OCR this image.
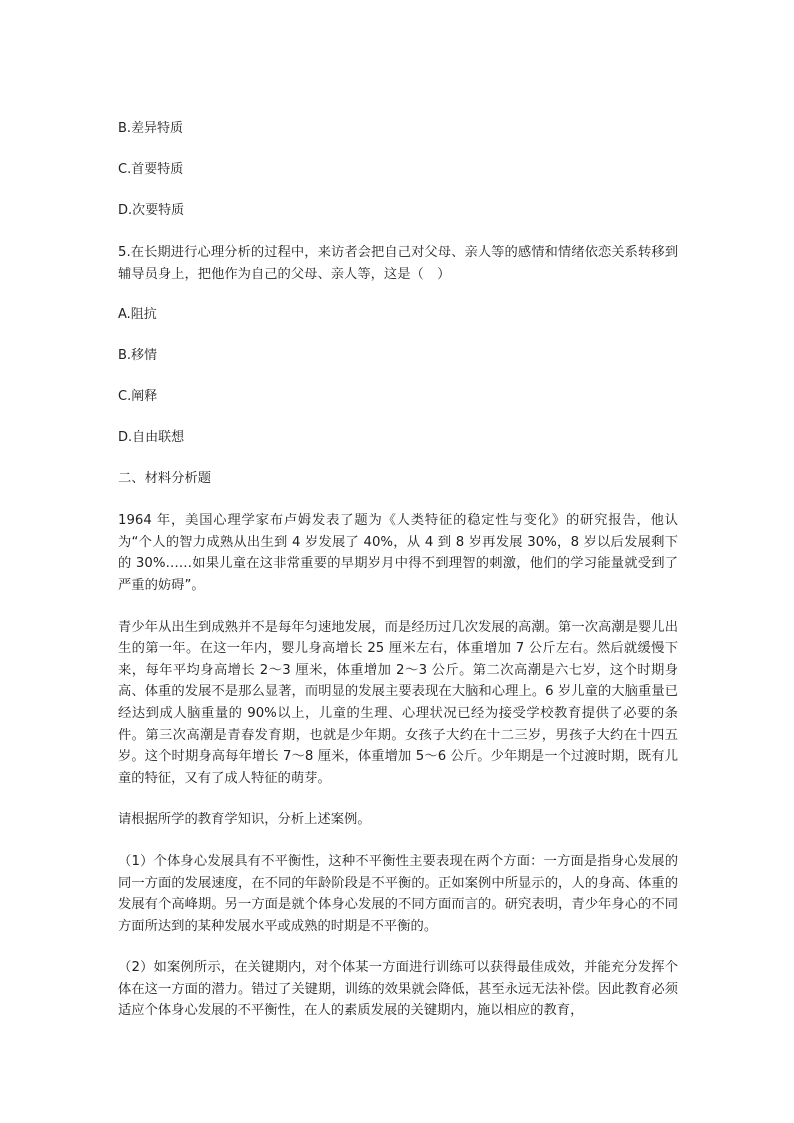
B.差异特质
C.首要特质
D.次要特质
5.在长期进行心理分析的过程中，来访者会把自己对父母、亲人等的感情和情绪依恋关系转移到辅导员身上，把他作为自己的父母、亲人等，这是（　）
A.阻抗
B.移情
C.阐释
D.自由联想
二、材料分析题
1964 年，美国心理学家布卢姆发表了题为《人类特征的稳定性与变化》的研究报告，他认为“个人的智力成熟从出生到 4 岁发展了 40%，从 4 到 8 岁再发展 30%，8 岁以后发展剩下的 30%……如果儿童在这非常重要的早期岁月中得不到理智的刺激，他们的学习能量就受到了严重的妨碍”。
青少年从出生到成熟并不是每年匀速地发展，而是经历过几次发展的高潮。第一次高潮是婴儿出生的第一年。在这一年内，婴儿身高增长 25 厘米左右，体重增加 7 公斤左右。然后就缓慢下来，每年平均身高增长 2～3 厘米，体重增加 2～3 公斤。第二次高潮是六七岁，这个时期身高、体重的发展不是那么显著，而明显的发展主要表现在大脑和心理上。6 岁儿童的大脑重量已经达到成人脑重量的 90%以上，儿童的生理、心理状况已经为接受学校教育提供了必要的条件。第三次高潮是青春发育期，也就是少年期。女孩子大约在十二三岁，男孩子大约在十四五岁。这个时期身高每年增长 7～8 厘米，体重增加 5～6 公斤。少年期是一个过渡时期，既有儿童的特征，又有了成人特征的萌芽。
请根据所学的教育学知识，分析上述案例。
（1）个体身心发展具有不平衡性，这种不平衡性主要表现在两个方面：一方面是指身心发展的同一方面的发展速度，在不同的年龄阶段是不平衡的。正如案例中所显示的，人的身高、体重的发展有个高峰期。另一方面是就个体身心发展的不同方面而言的。研究表明，青少年身心的不同方面所达到的某种发展水平或成熟的时期是不平衡的。
（2）如案例所示，在关键期内，对个体某一方面进行训练可以获得最佳成效，并能充分发挥个体在这一方面的潜力。错过了关键期，训练的效果就会降低，甚至永远无法补偿。因此教育必须适应个体身心发展的不平衡性，在人的素质发展的关键期内，施以相应的教育，
